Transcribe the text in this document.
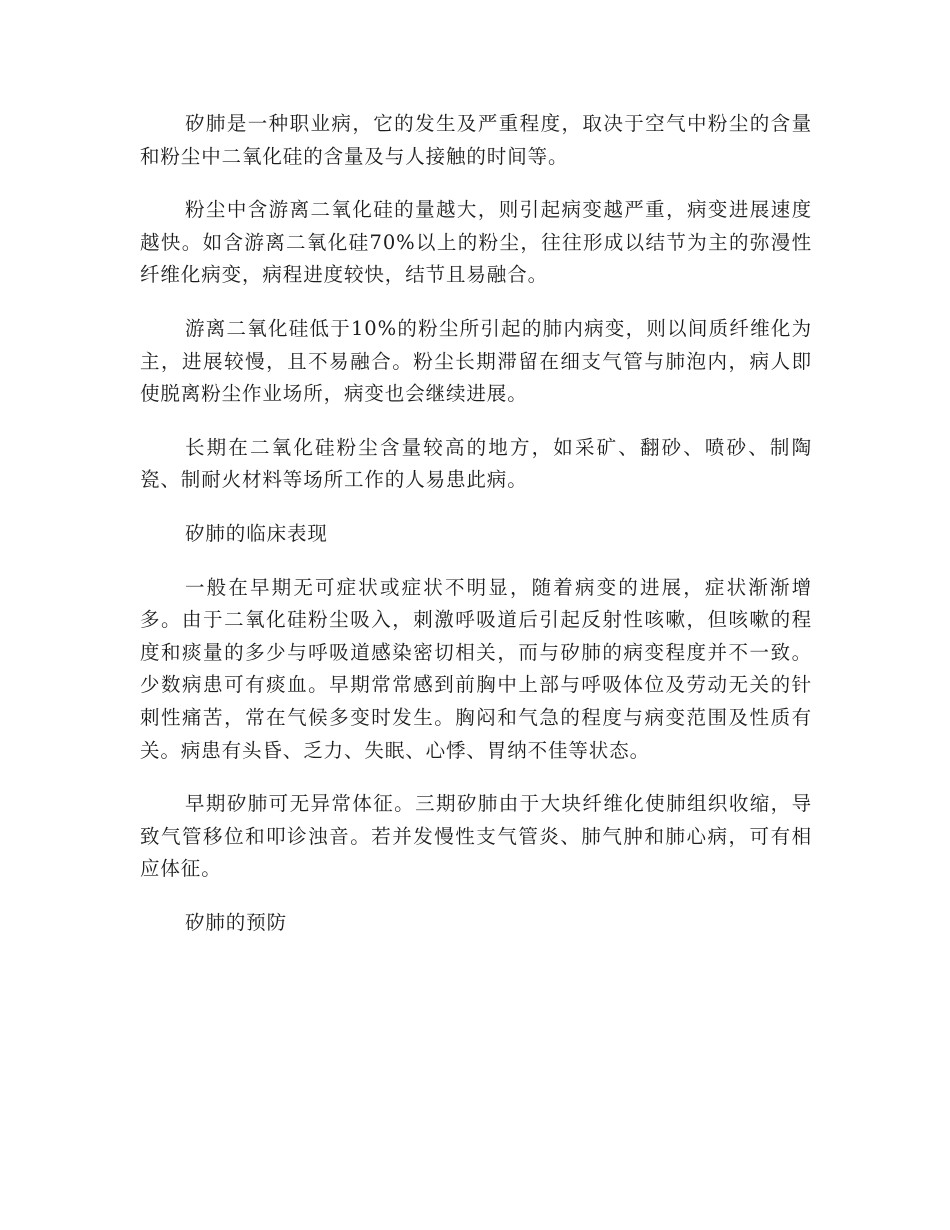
矽肺是一种职业病，它的发生及严重程度，取决于空气中粉尘的含量和粉尘中二氧化硅的含量及与人接触的时间等。

粉尘中含游离二氧化硅的量越大，则引起病变越严重，病变进展速度越快。如含游离二氧化硅70%以上的粉尘，往往形成以结节为主的弥漫性纤维化病变，病程进度较快，结节且易融合。

游离二氧化硅低于10%的粉尘所引起的肺内病变，则以间质纤维化为主，进展较慢，且不易融合。粉尘长期滞留在细支气管与肺泡内，病人即使脱离粉尘作业场所，病变也会继续进展。

长期在二氧化硅粉尘含量较高的地方，如采矿、翻砂、喷砂、制陶瓷、制耐火材料等场所工作的人易患此病。

矽肺的临床表现

一般在早期无可症状或症状不明显，随着病变的进展，症状渐渐增多。由于二氧化硅粉尘吸入，刺激呼吸道后引起反射性咳嗽，但咳嗽的程度和痰量的多少与呼吸道感染密切相关，而与矽肺的病变程度并不一致。少数病患可有痰血。早期常常感到前胸中上部与呼吸体位及劳动无关的针刺性痛苦，常在气候多变时发生。胸闷和气急的程度与病变范围及性质有关。病患有头昏、乏力、失眠、心悸、胃纳不佳等状态。

早期矽肺可无异常体征。三期矽肺由于大块纤维化使肺组织收缩，导致气管移位和叩诊浊音。若并发慢性支气管炎、肺气肿和肺心病，可有相应体征。

矽肺的预防
